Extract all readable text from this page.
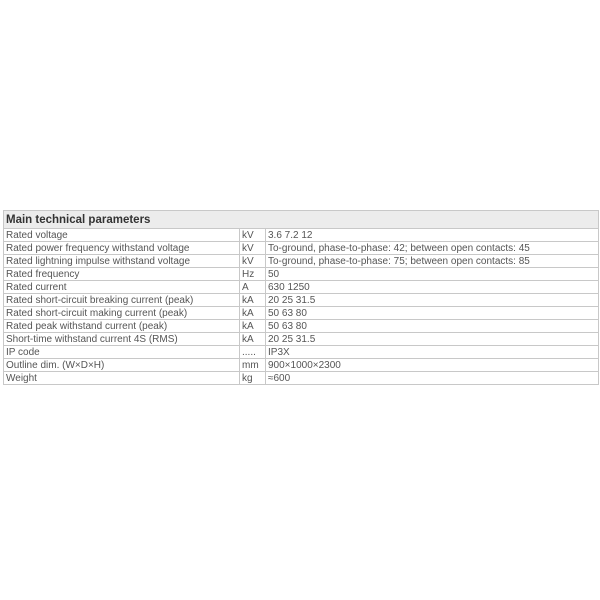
Main technical parameters		
Rated voltage	kV	3.6 7.2 12
Rated power frequency withstand voltage	kV	To-ground, phase-to-phase: 42; between open contacts: 45
Rated lightning impulse withstand voltage	kV	To-ground, phase-to-phase: 75; between open contacts: 85
Rated frequency	Hz	50
Rated current	A	630 1250
Rated short-circuit breaking current (peak)	kA	20 25 31.5
Rated short-circuit making current (peak)	kA	50 63 80
Rated peak withstand current (peak)	kA	50 63 80
Short-time withstand current 4S (RMS)	kA	20 25 31.5
IP code	.....	IP3X
Outline dim. (W×D×H)	mm	900×1000×2300
Weight	kg	≈600
